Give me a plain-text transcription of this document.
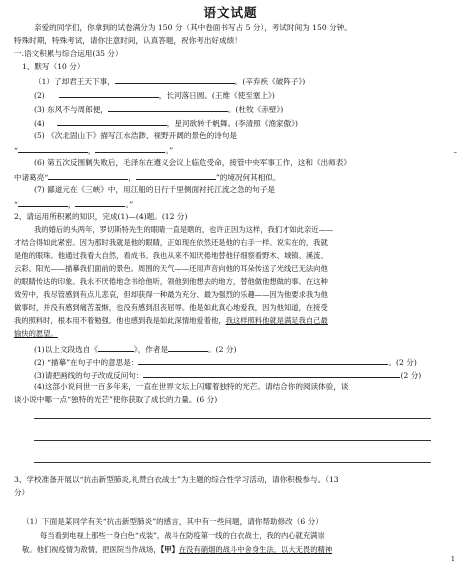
语文试题
亲爱的同学们，你拿到的试卷满分为 150 分（其中卷面书写占 5 分），考试时间为 150 分钟。
特殊时期，特殊考试，请你注意时间，认真答题，祝你考出好成绩！
一.语文积累与综合运用(35 分）
1、默写（10 分）
（1）了却君王天下事，	。(辛弃疾《破阵子》)
(2)	，长河落日圆。(王维《使至塞上》)
(3) 东风不与周郎便，	。(杜牧《赤壁》)
(4)	，星河欲转千帆舞。(李清照《渔家傲》)
(5) 《次北固山下》描写江水浩渺、视野开阔的景色的诗句是
“	，	。”
(6) 第五次反围剿失败后，毛泽东在遵义会议上临危受命，接管中央军事工作，这和《出师表》
中诸葛亮“	，	”的境况何其相似。
(7) 鄙道元在《三峡》中，用江船的日行千里侧面衬托江流之急的句子是
“	，	。”
2、请运用所积累的知识，完成(1)—(4)题。(12 分)
我的婚后的头两年，罗切斯特先生的眼睛一直是瞎的，也许正因为这样，我们才如此亲近——
才结合得如此紧密。因为那时我就是他的眼睛，正如现在依然还是他的右手一样。说实在的，我就
是他的眼珠。他通过我看大自然，看成书。我也从来不知厌倦地替他仔细察看野木、城镇、溪流、
云彩、阳光——描摹我们面前的景色。周围的天气——还用声音向他的耳朵传送了光线已无法向他
的眼睛传达的印象。我永不厌倦地念书给他听，领他到他想去的地方，替他做他想做的事。在这种
效劳中，我尽管感到有点儿悲哀，但却获得一种最为充分、最为强烈的乐趣——因为他要求我为他
做事时，并没有感到痛苦羞惭，也没有感到沮丧屈辱。他是如此真心地爱我，因为他知道，在接受
我的照料时，根本用不着勉强。他也感到我是如此深情地爱着他，我这样照料他就是满足我自己最
愉快的愿望。
(1)以上文段选自《	》，作者是	。(2 分)
(2) “描摹”在句子中的意思是：	。(2 分)
(3)请把画线的句子改成反问句：	(2 分)
(4)这部小说问世一百多年来，一直在世界文坛上闪耀着独特的光芒。请结合你的阅读体验，谈
谈小说中哪一点“独特的光芒”使你获取了成长的力量。(6 分)
3、学校准备开展以“抗击新型肺炎,礼赞白衣战士”为主题的综合性学习活动，请你积极参与。（13
分）
（1）下面是某同学有关“抗击新型肺炎”的感言，其中有一些问题，请你帮助修改（6 分）
每当看到电视上那些一身白色“戎装”，战斗在防疫第一线的白衣战士，我的内心就充满崇
敬。他们视疫情为敌情，把医院当作战场，【甲】在没有硝烟的战斗中舍身生法，以大无畏的精神
–
1
